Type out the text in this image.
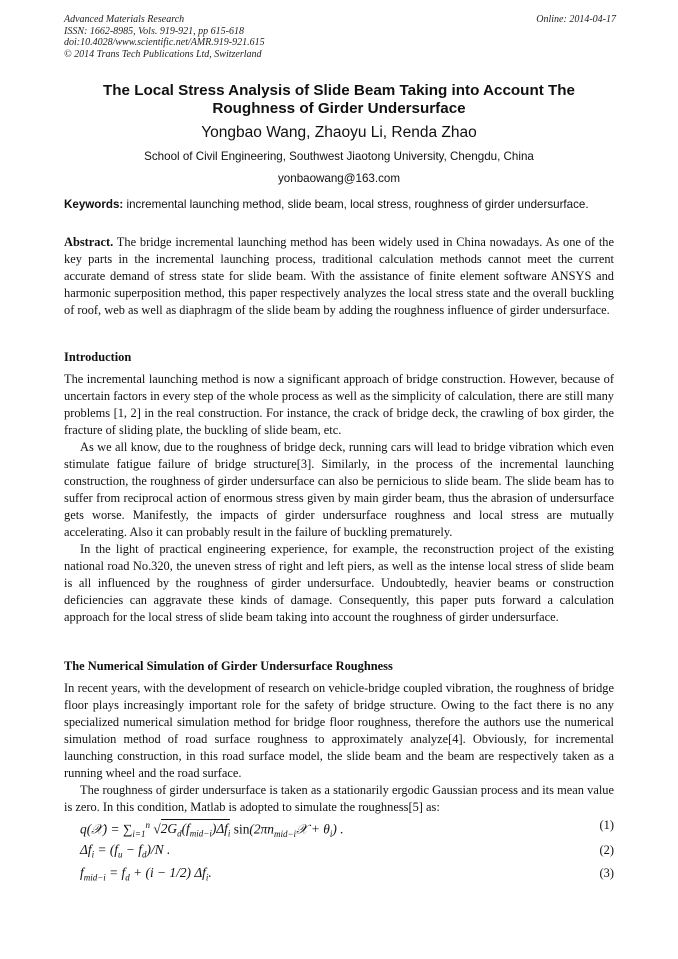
Advanced Materials Research
ISSN: 1662-8985, Vols. 919-921, pp 615-618
doi:10.4028/www.scientific.net/AMR.919-921.615
© 2014 Trans Tech Publications Ltd, Switzerland
Online: 2014-04-17
The Local Stress Analysis of Slide Beam Taking into Account The
Roughness of Girder Undersurface
Yongbao Wang, Zhaoyu Li, Renda Zhao
School of Civil Engineering, Southwest Jiaotong University, Chengdu, China
yonbaowang@163.com
Keywords: incremental launching method, slide beam, local stress, roughness of girder undersurface.

Abstract. The bridge incremental launching method has been widely used in China nowadays. As one of the key parts in the incremental launching process, traditional calculation methods cannot meet the current accurate demand of stress state for slide beam. With the assistance of finite element software ANSYS and harmonic superposition method, this paper respectively analyzes the local stress state and the overall buckling of roof, web as well as diaphragm of the slide beam by adding the roughness influence of girder undersurface.

Introduction

The incremental launching method is now a significant approach of bridge construction. However, because of uncertain factors in every step of the whole process as well as the simplicity of calculation, there are still many problems [1, 2] in the real construction. For instance, the crack of bridge deck, the crawling of box girder, the fracture of sliding plate, the buckling of slide beam, etc.

As we all know, due to the roughness of bridge deck, running cars will lead to bridge vibration which even stimulate fatigue failure of bridge structure[3]. Similarly, in the process of the incremental launching construction, the roughness of girder undersurface can also be pernicious to slide beam. The slide beam has to suffer from reciprocal action of enormous stress given by main girder beam, thus the abrasion of undersurface gets worse. Manifestly, the impacts of girder undersurface roughness and local stress are mutually accelerating. Also it can probably result in the failure of buckling prematurely.

In the light of practical engineering experience, for example, the reconstruction project of the existing national road No.320, the uneven stress of right and left piers, as well as the intense local stress of slide beam is all influenced by the roughness of girder undersurface. Undoubtedly, heavier beams or construction deficiencies can aggravate these kinds of damage. Consequently, this paper puts forward a calculation approach for the local stress of slide beam taking into account the roughness of girder undersurface.

The Numerical Simulation of Girder Undersurface Roughness

In recent years, with the development of research on vehicle-bridge coupled vibration, the roughness of bridge floor plays increasingly important role for the safety of bridge structure. Owing to the fact there is no any specialized numerical simulation method for bridge floor roughness, therefore the authors use the numerical simulation method of road surface roughness to approximately analyze[4]. Obviously, for incremental launching construction, in this road surface model, the slide beam and the beam are respectively taken as a running wheel and the road surface.

The roughness of girder undersurface is taken as a stationarily ergodic Gaussian process and its mean value is zero. In this condition, Matlab is adopted to simulate the roughness[5] as:

q(𝒳) = $\sum_{i=1}^n$ $√2G_d(f_{mid-i})\Delta f_i$ $\sin(2\pi n_{mid-i}𝒳 + \theta_i)$ .	(1)
$\Delta f_i = (f_u - f_d)/N$ .	(2)
$f_{mid-i} = f_d + (i - 1/2)$ $\Delta f_i$.	(3)
